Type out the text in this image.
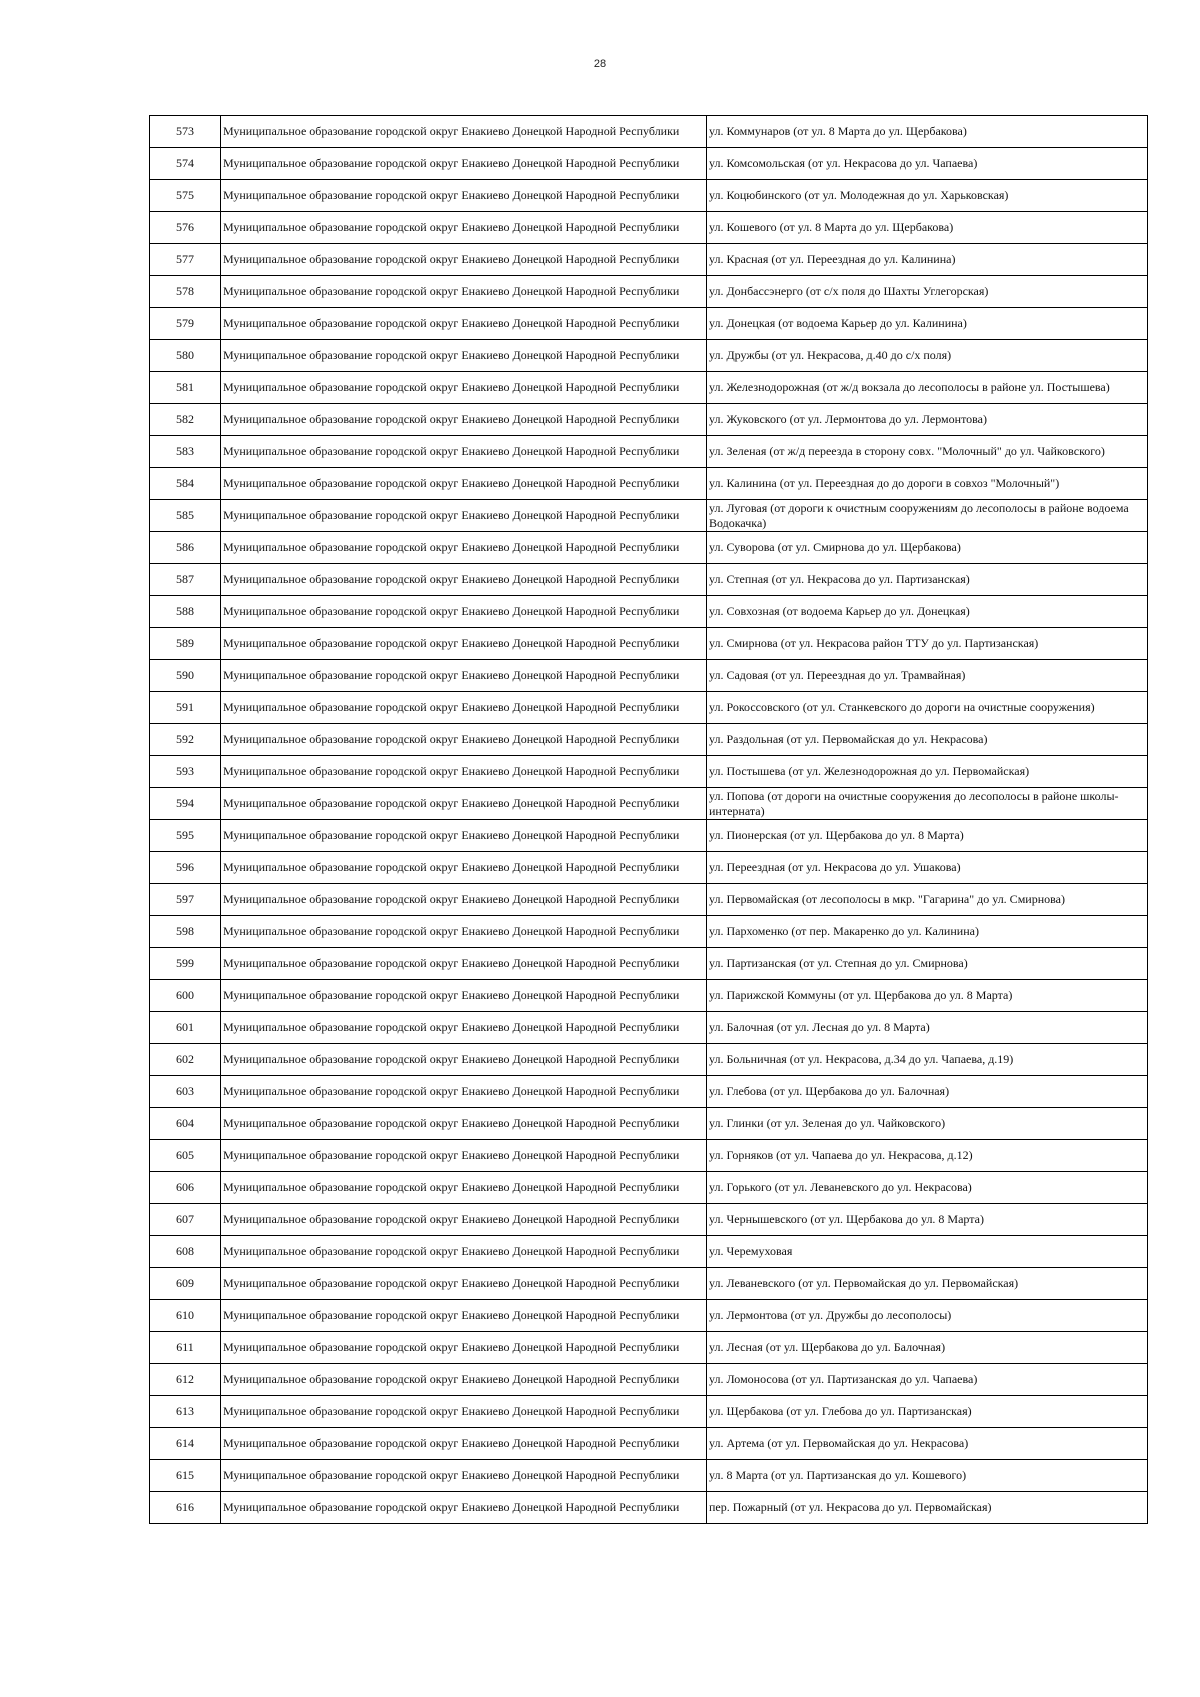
28
573	Муниципальное образование городской округ Енакиево Донецкой Народной Республики	ул. Коммунаров (от ул. 8 Марта до ул. Щербакова)
574	Муниципальное образование городской округ Енакиево Донецкой Народной Республики	ул. Комсомольская (от ул. Некрасова до ул. Чапаева)
575	Муниципальное образование городской округ Енакиево Донецкой Народной Республики	ул. Коцюбинского (от ул. Молодежная до ул. Харьковская)
576	Муниципальное образование городской округ Енакиево Донецкой Народной Республики	ул. Кошевого (от ул. 8 Марта до ул. Щербакова)
577	Муниципальное образование городской округ Енакиево Донецкой Народной Республики	ул. Красная (от ул. Переездная до ул. Калинина)
578	Муниципальное образование городской округ Енакиево Донецкой Народной Республики	ул. Донбассэнерго (от с/х поля до Шахты Углегорская)
579	Муниципальное образование городской округ Енакиево Донецкой Народной Республики	ул. Донецкая (от водоема Карьер до ул. Калинина)
580	Муниципальное образование городской округ Енакиево Донецкой Народной Республики	ул. Дружбы (от ул. Некрасова, д.40 до с/х поля)
581	Муниципальное образование городской округ Енакиево Донецкой Народной Республики	ул. Железнодорожная (от ж/д вокзала до лесополосы в районе ул. Постышева)
582	Муниципальное образование городской округ Енакиево Донецкой Народной Республики	ул. Жуковского (от ул. Лермонтова до ул. Лермонтова)
583	Муниципальное образование городской округ Енакиево Донецкой Народной Республики	ул. Зеленая (от ж/д переезда в сторону совх. "Молочный" до ул. Чайковского)
584	Муниципальное образование городской округ Енакиево Донецкой Народной Республики	ул. Калинина (от ул. Переездная до до дороги в совхоз "Молочный")
585	Муниципальное образование городской округ Енакиево Донецкой Народной Республики	ул. Луговая (от дороги к очистным сооружениям до лесополосы в районе водоема Водокачка)
586	Муниципальное образование городской округ Енакиево Донецкой Народной Республики	ул. Суворова (от ул. Смирнова до ул. Щербакова)
587	Муниципальное образование городской округ Енакиево Донецкой Народной Республики	ул. Степная (от ул. Некрасова до ул. Партизанская)
588	Муниципальное образование городской округ Енакиево Донецкой Народной Республики	ул. Совхозная (от водоема Карьер до ул. Донецкая)
589	Муниципальное образование городской округ Енакиево Донецкой Народной Республики	ул. Смирнова (от ул. Некрасова район ТТУ до ул. Партизанская)
590	Муниципальное образование городской округ Енакиево Донецкой Народной Республики	ул. Садовая (от ул. Переездная до ул. Трамвайная)
591	Муниципальное образование городской округ Енакиево Донецкой Народной Республики	ул. Рокоссовского (от ул. Станкевского до дороги на очистные сооружения)
592	Муниципальное образование городской округ Енакиево Донецкой Народной Республики	ул. Раздольная (от ул. Первомайская до ул. Некрасова)
593	Муниципальное образование городской округ Енакиево Донецкой Народной Республики	ул. Постышева (от ул. Железнодорожная до ул. Первомайская)
594	Муниципальное образование городской округ Енакиево Донецкой Народной Республики	ул. Попова (от дороги на очистные сооружения до лесополосы в районе школы-интерната)
595	Муниципальное образование городской округ Енакиево Донецкой Народной Республики	ул. Пионерская (от ул. Щербакова до ул. 8 Марта)
596	Муниципальное образование городской округ Енакиево Донецкой Народной Республики	ул. Переездная (от ул. Некрасова до ул. Ушакова)
597	Муниципальное образование городской округ Енакиево Донецкой Народной Республики	ул. Первомайская (от лесополосы в мкр. "Гагарина" до ул. Смирнова)
598	Муниципальное образование городской округ Енакиево Донецкой Народной Республики	ул. Пархоменко (от пер. Макаренко до ул. Калинина)
599	Муниципальное образование городской округ Енакиево Донецкой Народной Республики	ул. Партизанская (от ул. Степная до ул. Смирнова)
600	Муниципальное образование городской округ Енакиево Донецкой Народной Республики	ул. Парижской Коммуны (от ул. Щербакова до ул. 8 Марта)
601	Муниципальное образование городской округ Енакиево Донецкой Народной Республики	ул. Балочная (от ул. Лесная до ул. 8 Марта)
602	Муниципальное образование городской округ Енакиево Донецкой Народной Республики	ул. Больничная (от ул. Некрасова, д.34 до ул. Чапаева, д.19)
603	Муниципальное образование городской округ Енакиево Донецкой Народной Республики	ул. Глебова (от ул. Щербакова до ул. Балочная)
604	Муниципальное образование городской округ Енакиево Донецкой Народной Республики	ул. Глинки (от ул. Зеленая до ул. Чайковского)
605	Муниципальное образование городской округ Енакиево Донецкой Народной Республики	ул. Горняков (от ул. Чапаева до ул. Некрасова, д.12)
606	Муниципальное образование городской округ Енакиево Донецкой Народной Республики	ул. Горького (от ул. Леваневского до ул. Некрасова)
607	Муниципальное образование городской округ Енакиево Донецкой Народной Республики	ул. Чернышевского (от ул. Щербакова до ул. 8 Марта)
608	Муниципальное образование городской округ Енакиево Донецкой Народной Республики	ул. Черемуховая
609	Муниципальное образование городской округ Енакиево Донецкой Народной Республики	ул. Леваневского (от ул. Первомайская до ул. Первомайская)
610	Муниципальное образование городской округ Енакиево Донецкой Народной Республики	ул. Лермонтова (от ул. Дружбы до лесополосы)
611	Муниципальное образование городской округ Енакиево Донецкой Народной Республики	ул. Лесная (от ул. Щербакова до ул. Балочная)
612	Муниципальное образование городской округ Енакиево Донецкой Народной Республики	ул. Ломоносова (от ул. Партизанская до ул. Чапаева)
613	Муниципальное образование городской округ Енакиево Донецкой Народной Республики	ул. Щербакова (от ул. Глебова до ул. Партизанская)
614	Муниципальное образование городской округ Енакиево Донецкой Народной Республики	ул. Артема (от ул. Первомайская до ул. Некрасова)
615	Муниципальное образование городской округ Енакиево Донецкой Народной Республики	ул. 8 Марта (от ул. Партизанская до ул. Кошевого)
616	Муниципальное образование городской округ Енакиево Донецкой Народной Республики	пер. Пожарный (от ул. Некрасова до ул. Первомайская)
